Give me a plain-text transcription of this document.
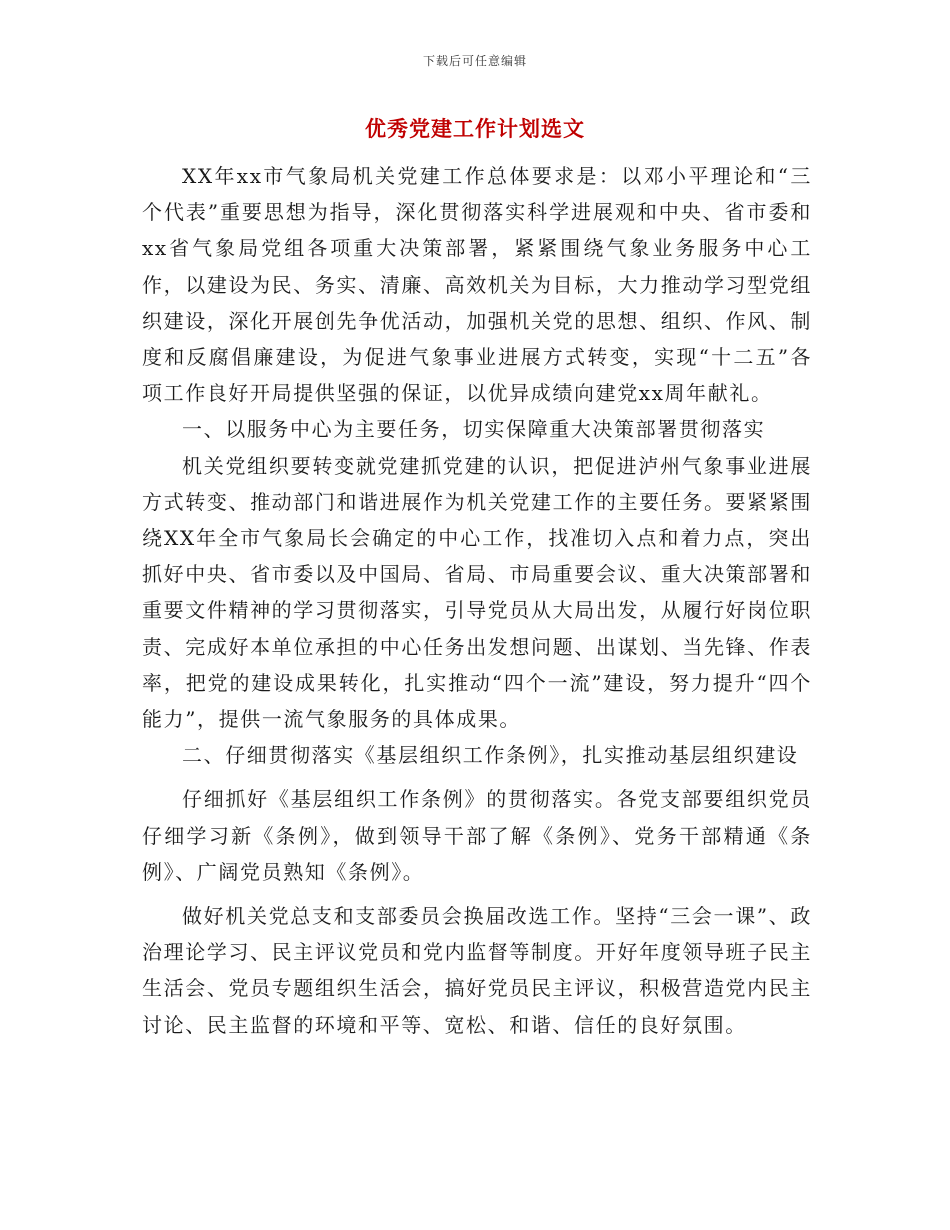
下载后可任意编辑
优秀党建工作计划选文

XX年xx市气象局机关党建工作总体要求是：以邓小平理论和“三个代表”重要思想为指导，深化贯彻落实科学进展观和中央、省市委和xx省气象局党组各项重大决策部署，紧紧围绕气象业务服务中心工作，以建设为民、务实、清廉、高效机关为目标，大力推动学习型党组织建设，深化开展创先争优活动，加强机关党的思想、组织、作风、制度和反腐倡廉建设，为促进气象事业进展方式转变，实现“十二五”各项工作良好开局提供坚强的保证，以优异成绩向建党xx周年献礼。

一、以服务中心为主要任务，切实保障重大决策部署贯彻落实

机关党组织要转变就党建抓党建的认识，把促进泸州气象事业进展方式转变、推动部门和谐进展作为机关党建工作的主要任务。要紧紧围绕XX年全市气象局长会确定的中心工作，找准切入点和着力点，突出抓好中央、省市委以及中国局、省局、市局重要会议、重大决策部署和重要文件精神的学习贯彻落实，引导党员从大局出发，从履行好岗位职责、完成好本单位承担的中心任务出发想问题、出谋划、当先锋、作表率，把党的建设成果转化，扎实推动“四个一流”建设，努力提升“四个能力”，提供一流气象服务的具体成果。

二、仔细贯彻落实《基层组织工作条例》，扎实推动基层组织建设

仔细抓好《基层组织工作条例》的贯彻落实。各党支部要组织党员仔细学习新《条例》，做到领导干部了解《条例》、党务干部精通《条例》、广阔党员熟知《条例》。

做好机关党总支和支部委员会换届改选工作。坚持“三会一课”、政治理论学习、民主评议党员和党内监督等制度。开好年度领导班子民主生活会、党员专题组织生活会，搞好党员民主评议，积极营造党内民主讨论、民主监督的环境和平等、宽松、和谐、信任的良好氛围。
